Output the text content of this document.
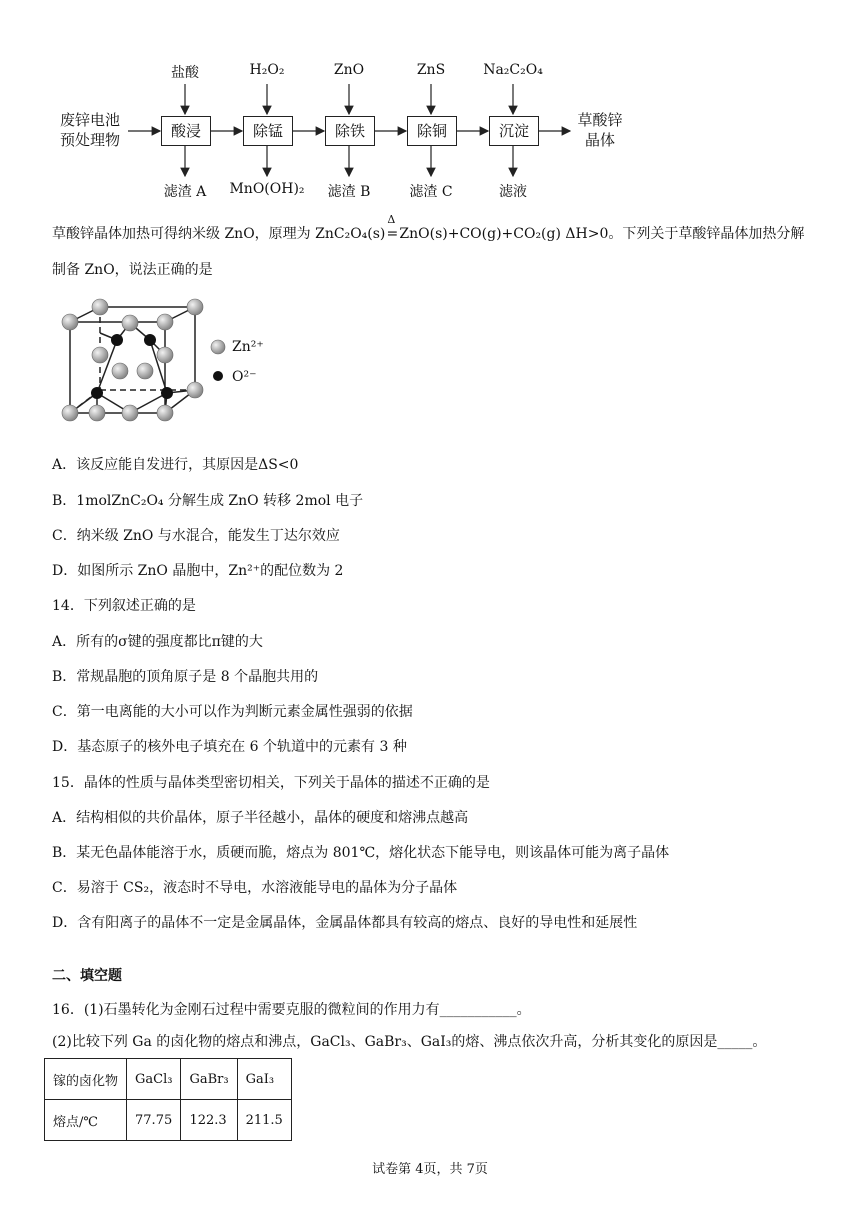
废锌电池
预处理物
盐酸	H₂O₂	ZnO	ZnS	Na₂C₂O₄
酸浸	除锰	除铁	除铜	沉淀
草酸锌
晶体
滤渣 A	MnO(OH)₂	滤渣 B	滤渣 C	滤液
草酸锌晶体加热可得纳米级 ZnO，原理为 ZnC₂O₄(s)
Δ
=ZnO(s)+CO(g)+CO₂(g) ΔH>0。下列关于草酸锌晶体加热分解
制备 ZnO，说法正确的是
Zn²⁺
O²⁻
A．该反应能自发进行，其原因是ΔS<0
B．1molZnC₂O₄ 分解生成 ZnO 转移 2mol 电子
C．纳米级 ZnO 与水混合，能发生丁达尔效应
D．如图所示 ZnO 晶胞中，Zn²⁺的配位数为 2
14．下列叙述正确的是
A．所有的σ键的强度都比π键的大
B．常规晶胞的顶角原子是 8 个晶胞共用的
C．第一电离能的大小可以作为判断元素金属性强弱的依据
D．基态原子的核外电子填充在 6 个轨道中的元素有 3 种
15．晶体的性质与晶体类型密切相关，下列关于晶体的描述不正确的是
A．结构相似的共价晶体，原子半径越小，晶体的硬度和熔沸点越高
B．某无色晶体能溶于水，质硬而脆，熔点为 801℃，熔化状态下能导电，则该晶体可能为离子晶体
C．易溶于 CS₂，液态时不导电，水溶液能导电的晶体为分子晶体
D．含有阳离子的晶体不一定是金属晶体，金属晶体都具有较高的熔点、良好的导电性和延展性
二、填空题
16．(1)石墨转化为金刚石过程中需要克服的微粒间的作用力有___________。
(2)比较下列 Ga 的卤化物的熔点和沸点，GaCl₃、GaBr₃、GaI₃的熔、沸点依次升高，分析其变化的原因是_____。
镓的卤化物	GaCl₃	GaBr₃	GaI₃
熔点/℃	77.75	122.3	211.5
试卷第 4页，共 7页
